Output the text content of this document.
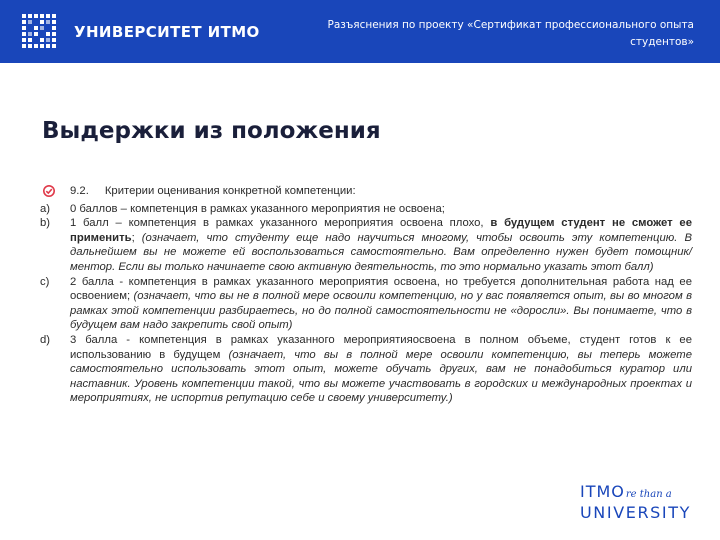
УНИВЕРСИТЕТ ИТМО	Разъяснения по проекту «Сертификат профессионального опыта студентов»
Выдержки из положения
9.2. Критерии оценивания конкретной компетенции:
a)	0 баллов – компетенция в рамках указанного мероприятия не освоена;
b)	1 балл – компетенция в рамках указанного мероприятия освоена плохо, в будущем студент не сможет ее применить; (означает, что студенту еще надо научиться многому, чтобы освоить эту компетенцию. В дальнейшем вы не можете ей воспользоваться самостоятельно. Вам определенно нужен будет помощник/ментор. Если вы только начинаете свою активную деятельность, то это нормально указать этот балл)
c)	2 балла - компетенция в рамках указанного мероприятия освоена, но требуется дополнительная работа над ее освоением; (означает, что вы не в полной мере освоили компетенцию, но у вас появляется опыт, вы во многом в рамках этой компетенции разбираетесь, но до полной самостоятельности не «доросли». Вы понимаете, что в будущем вам надо закрепить свой опыт)
d)	3 балла - компетенция в рамках указанного мероприятияосвоена в полном объеме, студент готов к ее использованию в будущем (означает, что вы в полной мере освоили компетенцию, вы теперь можете самостоятельно использовать этот опыт, можете обучать других, вам не понадобиться куратор или наставник. Уровень компетенции такой, что вы можете участвовать в городских и международных проектах и мероприятиях, не испортив репутацию себе и своему университету.)
ITMOre than a
UNIVERSITY
